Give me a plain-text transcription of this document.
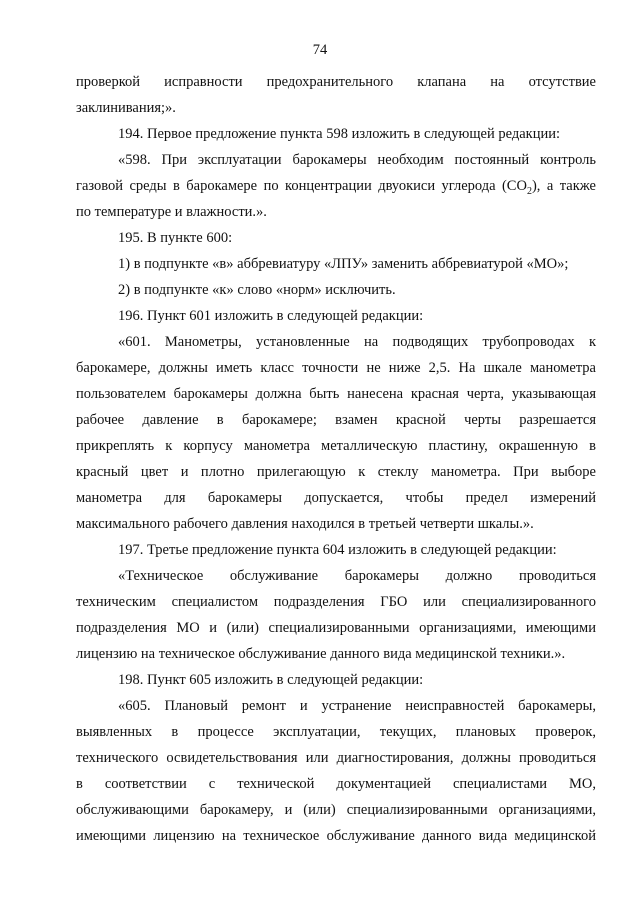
74
проверкой исправности предохранительного клапана на отсутствие
заклинивания;».
194. Первое предложение пункта 598 изложить в следующей редакции:
«598. При эксплуатации барокамеры необходим постоянный контроль
газовой среды в барокамере по концентрации двуокиси углерода $(CO_2)$, а также
по температуре и влажности.».
195. В пункте 600:
1) в подпункте «в» аббревиатуру «ЛПУ» заменить аббревиатурой «МО»;
2) в подпункте «к» слово «норм» исключить.
196. Пункт 601 изложить в следующей редакции:
«601. Манометры, установленные на подводящих трубопроводах к
барокамере, должны иметь класс точности не ниже 2,5. На шкале манометра
пользователем барокамеры должна быть нанесена красная черта, указывающая
рабочее давление в барокамере; взамен красной черты разрешается
прикреплять к корпусу манометра металлическую пластину, окрашенную в
красный цвет и плотно прилегающую к стеклу манометра. При выборе
манометра для барокамеры допускается, чтобы предел измерений
максимального рабочего давления находился в третьей четверти шкалы.».
197. Третье предложение пункта 604 изложить в следующей редакции:
«Техническое обслуживание барокамеры должно проводиться
техническим специалистом подразделения ГБО или специализированного
подразделения МО и (или) специализированными организациями, имеющими
лицензию на техническое обслуживание данного вида медицинской техники.».
198. Пункт 605 изложить в следующей редакции:
«605. Плановый ремонт и устранение неисправностей барокамеры,
выявленных в процессе эксплуатации, текущих, плановых проверок,
технического освидетельствования или диагностирования, должны проводиться
в соответствии с технической документацией специалистами МО,
обслуживающими барокамеру, и (или) специализированными организациями,
имеющими лицензию на техническое обслуживание данного вида медицинской
